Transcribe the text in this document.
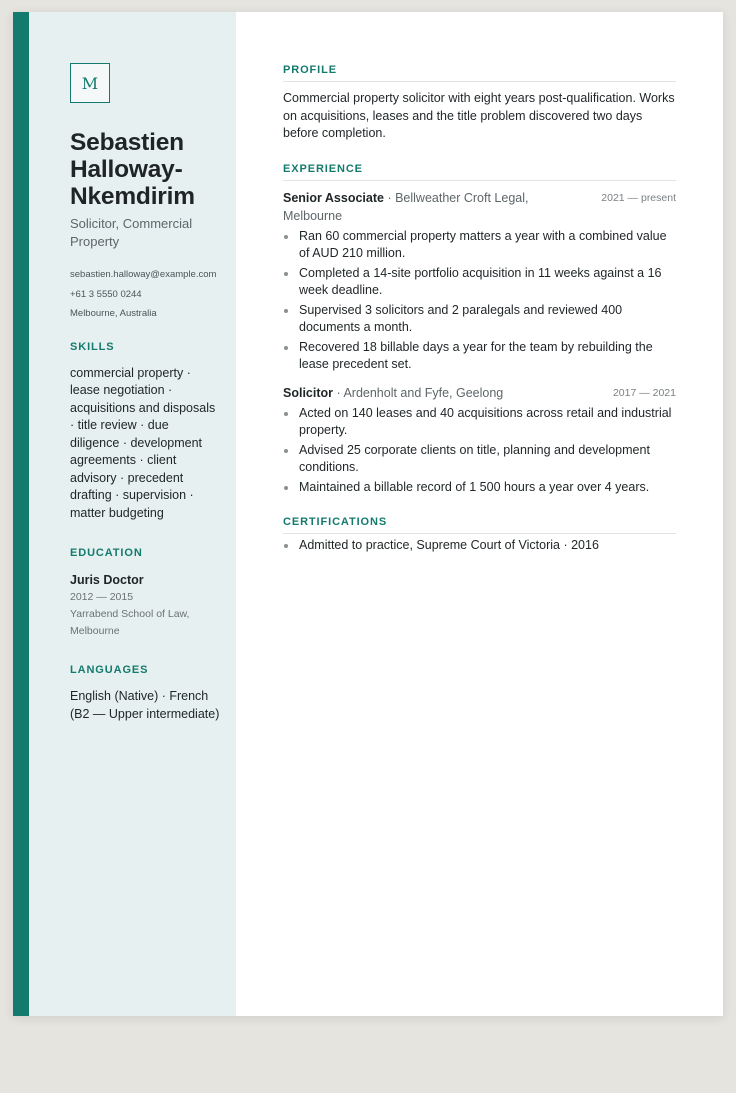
M
Sebastien Halloway-Nkemdirim
Solicitor, Commercial Property
sebastien.halloway@example.com
+61 3 5550 0244
Melbourne, Australia
SKILLS
commercial property · lease negotiation · acquisitions and disposals · title review · due diligence · development agreements · client advisory · precedent drafting · supervision · matter budgeting
EDUCATION
Juris Doctor
2012 — 2015
Yarrabend School of Law, Melbourne
LANGUAGES
English (Native) · French (B2 — Upper intermediate)
PROFILE

Commercial property solicitor with eight years post-qualification. Works on acquisitions, leases and the title problem discovered two days before completion.

EXPERIENCE
Senior Associate · Bellweather Croft Legal, Melbourne
2021 — present
Ran 60 commercial property matters a year with a combined value of AUD 210 million.
Completed a 14-site portfolio acquisition in 11 weeks against a 16 week deadline.
Supervised 3 solicitors and 2 paralegals and reviewed 400 documents a month.
Recovered 18 billable days a year for the team by rebuilding the lease precedent set.
Solicitor · Ardenholt and Fyfe, Geelong	2017 — 2021
Acted on 140 leases and 40 acquisitions across retail and industrial property.
Advised 25 corporate clients on title, planning and development conditions.
Maintained a billable record of 1 500 hours a year over 4 years.
CERTIFICATIONS
Admitted to practice, Supreme Court of Victoria · 2016
